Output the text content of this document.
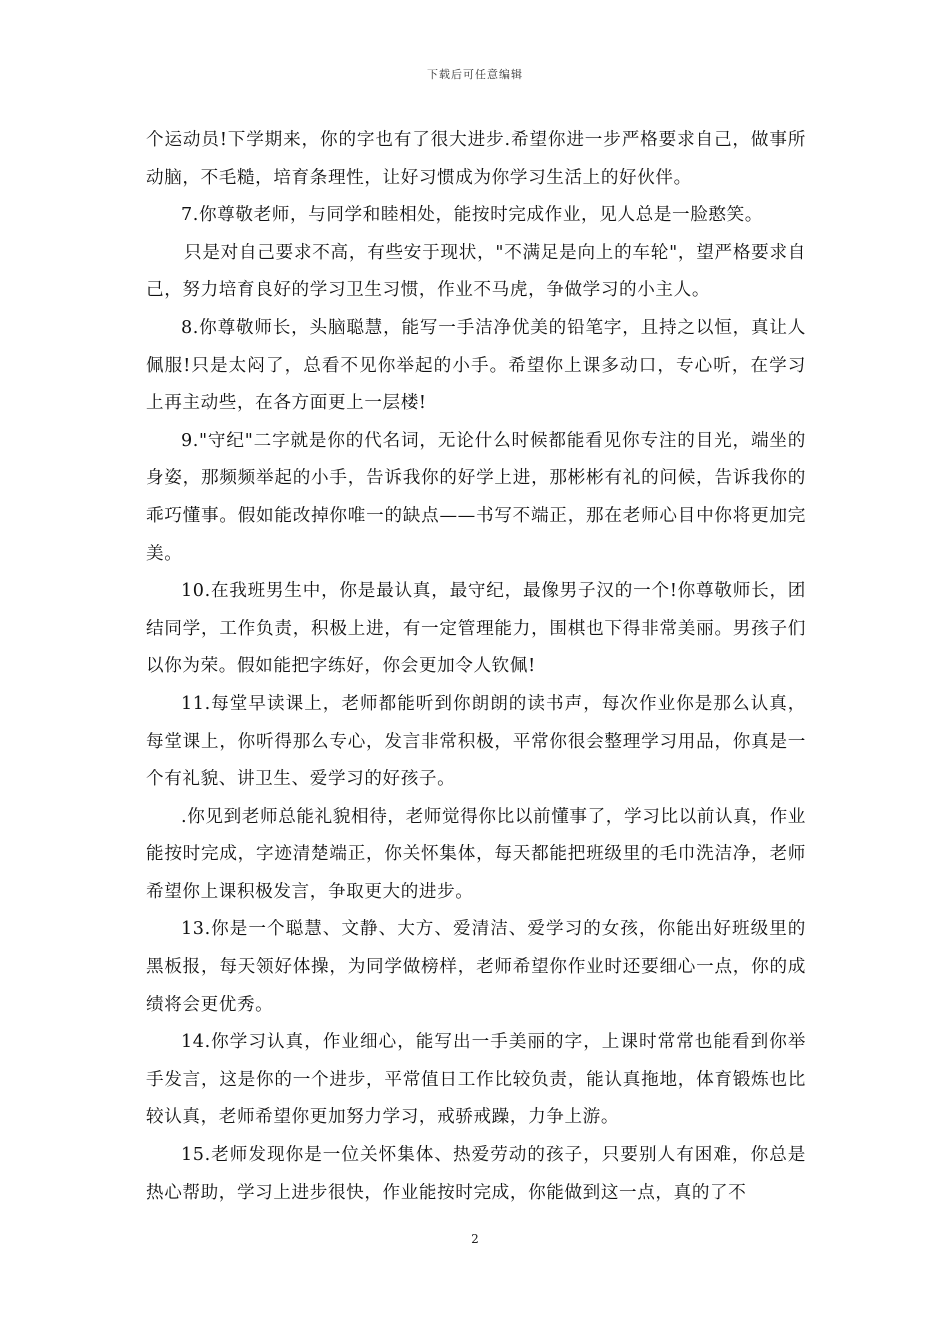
下载后可任意编辑

个运动员!下学期来，你的字也有了很大进步.希望你进一步严格要求自己，做事所动脑，不毛糙，培育条理性，让好习惯成为你学习生活上的好伙伴。

7.你尊敬老师，与同学和睦相处，能按时完成作业，见人总是一脸憨笑。

只是对自己要求不高，有些安于现状，"不满足是向上的车轮"，望严格要求自己，努力培育良好的学习卫生习惯，作业不马虎，争做学习的小主人。

8.你尊敬师长，头脑聪慧，能写一手洁净优美的铅笔字，且持之以恒，真让人佩服!只是太闷了，总看不见你举起的小手。希望你上课多动口，专心听，在学习上再主动些，在各方面更上一层楼!

9."守纪"二字就是你的代名词，无论什么时候都能看见你专注的目光，端坐的身姿，那频频举起的小手，告诉我你的好学上进，那彬彬有礼的问候，告诉我你的乖巧懂事。假如能改掉你唯一的缺点——书写不端正，那在老师心目中你将更加完美。

10.在我班男生中，你是最认真，最守纪，最像男子汉的一个!你尊敬师长，团结同学，工作负责，积极上进，有一定管理能力，围棋也下得非常美丽。男孩子们以你为荣。假如能把字练好，你会更加令人钦佩!

11.每堂早读课上，老师都能听到你朗朗的读书声，每次作业你是那么认真，每堂课上，你听得那么专心，发言非常积极，平常你很会整理学习用品，你真是一个有礼貌、讲卫生、爱学习的好孩子。

.你见到老师总能礼貌相待，老师觉得你比以前懂事了，学习比以前认真，作业能按时完成，字迹清楚端正，你关怀集体，每天都能把班级里的毛巾洗洁净，老师希望你上课积极发言，争取更大的进步。

13.你是一个聪慧、文静、大方、爱清洁、爱学习的女孩，你能出好班级里的黑板报，每天领好体操，为同学做榜样，老师希望你作业时还要细心一点，你的成绩将会更优秀。

14.你学习认真，作业细心，能写出一手美丽的字，上课时常常也能看到你举手发言，这是你的一个进步，平常值日工作比较负责，能认真拖地，体育锻炼也比较认真，老师希望你更加努力学习，戒骄戒躁，力争上游。

15.老师发现你是一位关怀集体、热爱劳动的孩子，只要别人有困难，你总是热心帮助，学习上进步很快，作业能按时完成，你能做到这一点，真的了不

2
